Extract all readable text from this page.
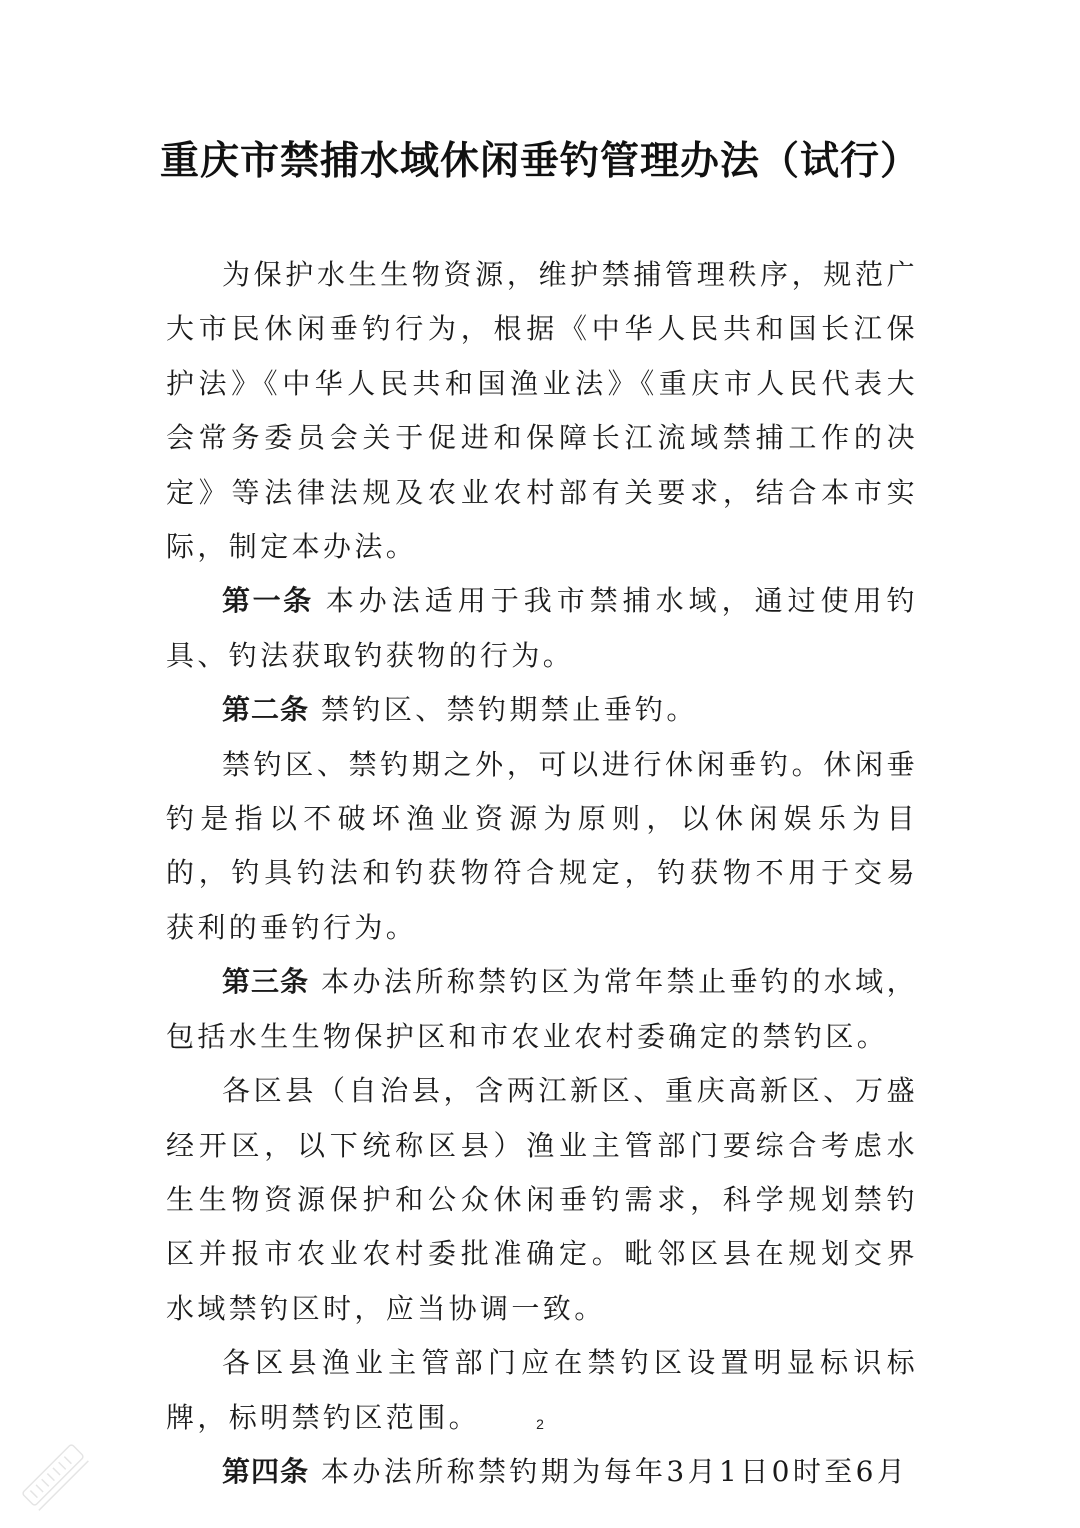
重庆市禁捕水域休闲垂钓管理办法（试行）

为保护水生生物资源，维护禁捕管理秩序，规范广大市民休闲垂钓行为，根据《中华人民共和国长江保护法》《中华人民共和国渔业法》《重庆市人民代表大会常务委员会关于促进和保障长江流域禁捕工作的决定》等法律法规及农业农村部有关要求，结合本市实际，制定本办法。

第一条 本办法适用于我市禁捕水域，通过使用钓具、钓法获取钓获物的行为。

第二条 禁钓区、禁钓期禁止垂钓。

禁钓区、禁钓期之外，可以进行休闲垂钓。休闲垂钓是指以不破坏渔业资源为原则，以休闲娱乐为目的，钓具钓法和钓获物符合规定，钓获物不用于交易获利的垂钓行为。

第三条 本办法所称禁钓区为常年禁止垂钓的水域，包括水生生物保护区和市农业农村委确定的禁钓区。

各区县（自治县，含两江新区、重庆高新区、万盛经开区，以下统称区县）渔业主管部门要综合考虑水生生物资源保护和公众休闲垂钓需求，科学规划禁钓区并报市农业农村委批准确定。毗邻区县在规划交界水域禁钓区时，应当协调一致。

各区县渔业主管部门应在禁钓区设置明显标识标牌，标明禁钓区范围。

第四条 本办法所称禁钓期为每年3月1日0时至6月

2
